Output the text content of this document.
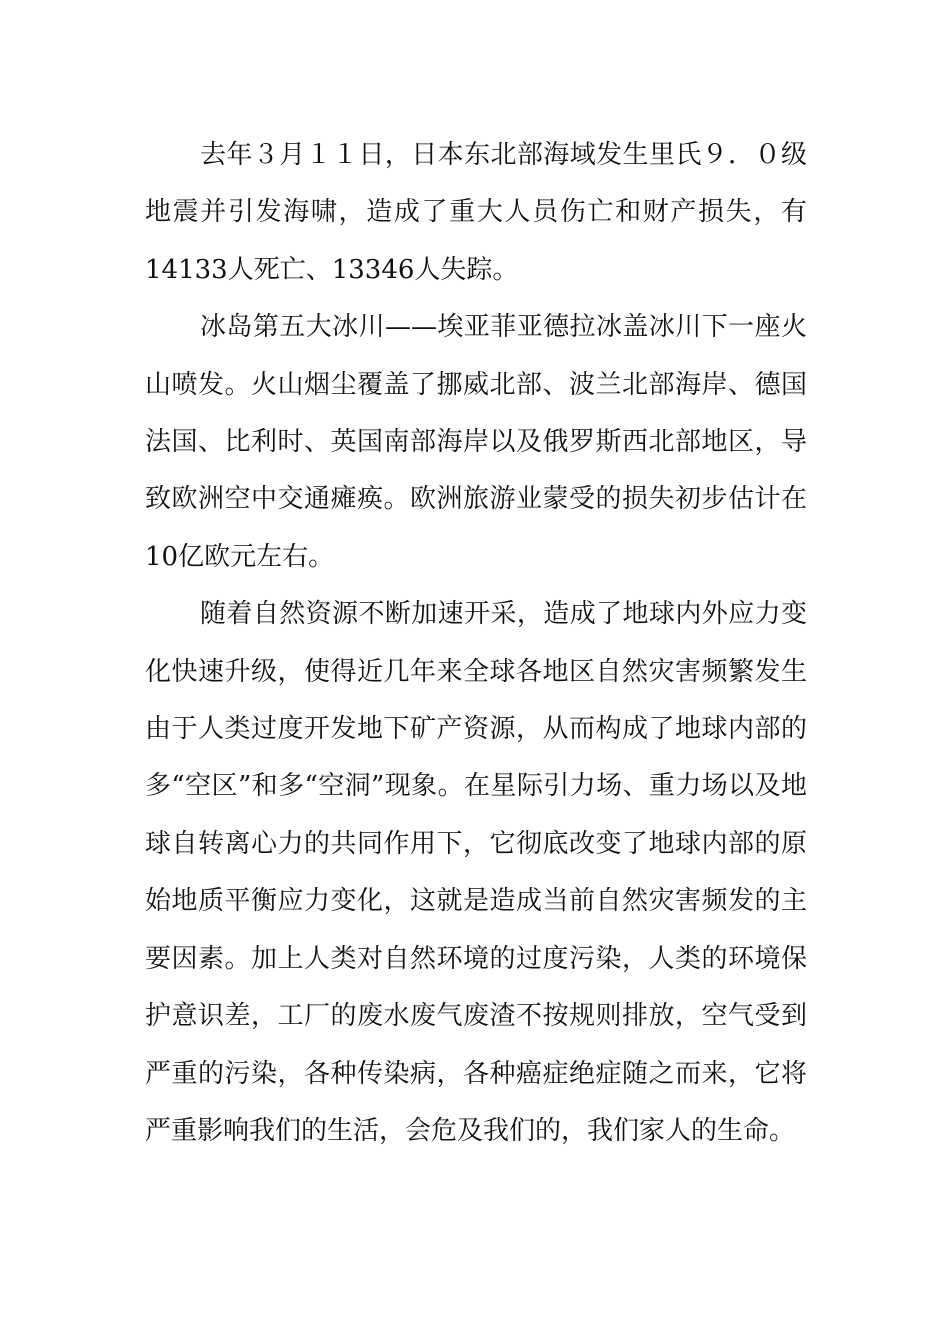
去年３月１１日，日本东北部海域发生里氏９．０级地震并引发海啸，造成了重大人员伤亡和财产损失，有14133人死亡、13346人失踪。

冰岛第五大冰川——埃亚菲亚德拉冰盖冰川下一座火山喷发。火山烟尘覆盖了挪威北部、波兰北部海岸、德国法国、比利时、英国南部海岸以及俄罗斯西北部地区，导致欧洲空中交通瘫痪。欧洲旅游业蒙受的损失初步估计在10亿欧元左右。

随着自然资源不断加速开采，造成了地球内外应力变化快速升级，使得近几年来全球各地区自然灾害频繁发生由于人类过度开发地下矿产资源，从而构成了地球内部的多“空区”和多“空洞”现象。在星际引力场、重力场以及地球自转离心力的共同作用下，它彻底改变了地球内部的原始地质平衡应力变化，这就是造成当前自然灾害频发的主要因素。加上人类对自然环境的过度污染，人类的环境保护意识差，工厂的废水废气废渣不按规则排放，空气受到严重的污染，各种传染病，各种癌症绝症随之而来，它将严重影响我们的生活，会危及我们的，我们家人的生命。
